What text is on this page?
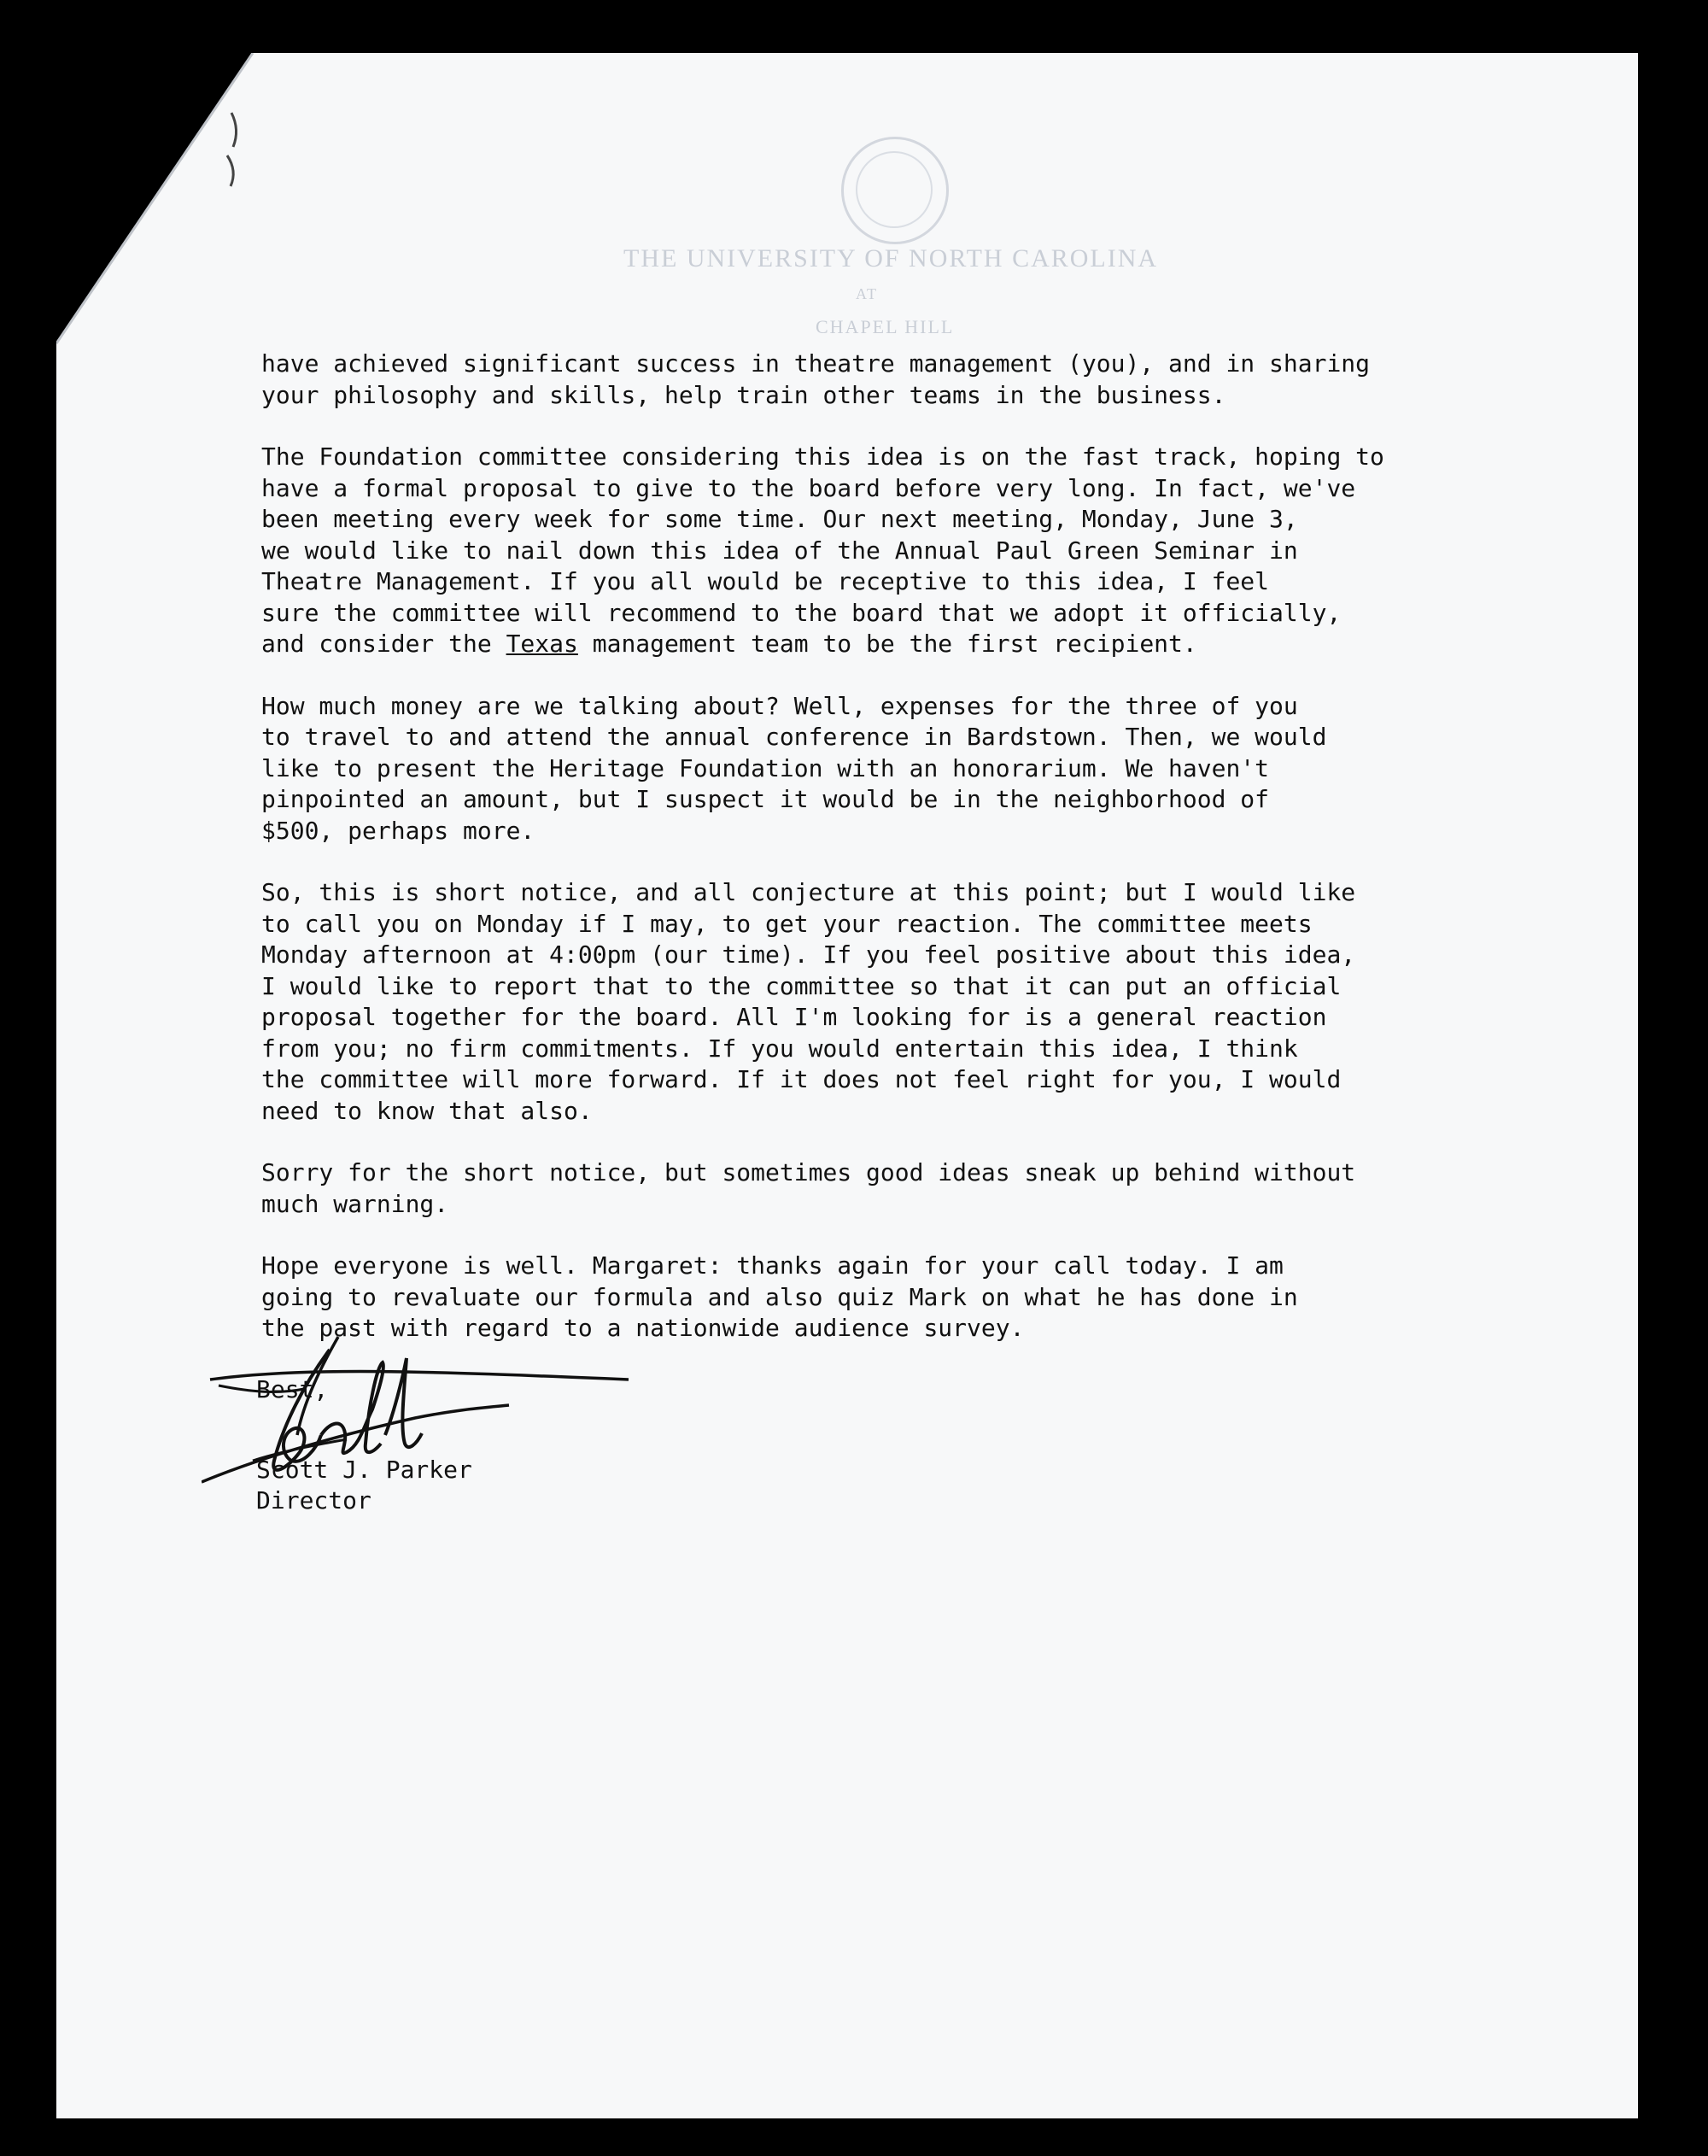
THE UNIVERSITY OF NORTH CAROLINA
AT
CHAPEL HILL

have achieved significant success in theatre management (you), and in sharing
your philosophy and skills, help train other teams in the business.

The Foundation committee considering this idea is on the fast track, hoping to
have a formal proposal to give to the board before very long. In fact, we've
been meeting every week for some time. Our next meeting, Monday, June 3,
we would like to nail down this idea of the Annual Paul Green Seminar in
Theatre Management. If you all would be receptive to this idea, I feel
sure the committee will recommend to the board that we adopt it officially,
and consider the Texas management team to be the first recipient.

How much money are we talking about? Well, expenses for the three of you
to travel to and attend the annual conference in Bardstown. Then, we would
like to present the Heritage Foundation with an honorarium. We haven't
pinpointed an amount, but I suspect it would be in the neighborhood of
$500, perhaps more.

So, this is short notice, and all conjecture at this point; but I would like
to call you on Monday if I may, to get your reaction. The committee meets
Monday afternoon at 4:00pm (our time). If you feel positive about this idea,
I would like to report that to the committee so that it can put an official
proposal together for the board. All I'm looking for is a general reaction
from you; no firm commitments. If you would entertain this idea, I think
the committee will more forward. If it does not feel right for you, I would
need to know that also.

Sorry for the short notice, but sometimes good ideas sneak up behind without
much warning.

Hope everyone is well. Margaret: thanks again for your call today. I am
going to revaluate our formula and also quiz Mark on what he has done in
the past with regard to a nationwide audience survey.

Best,
Scott J. Parker
Director
